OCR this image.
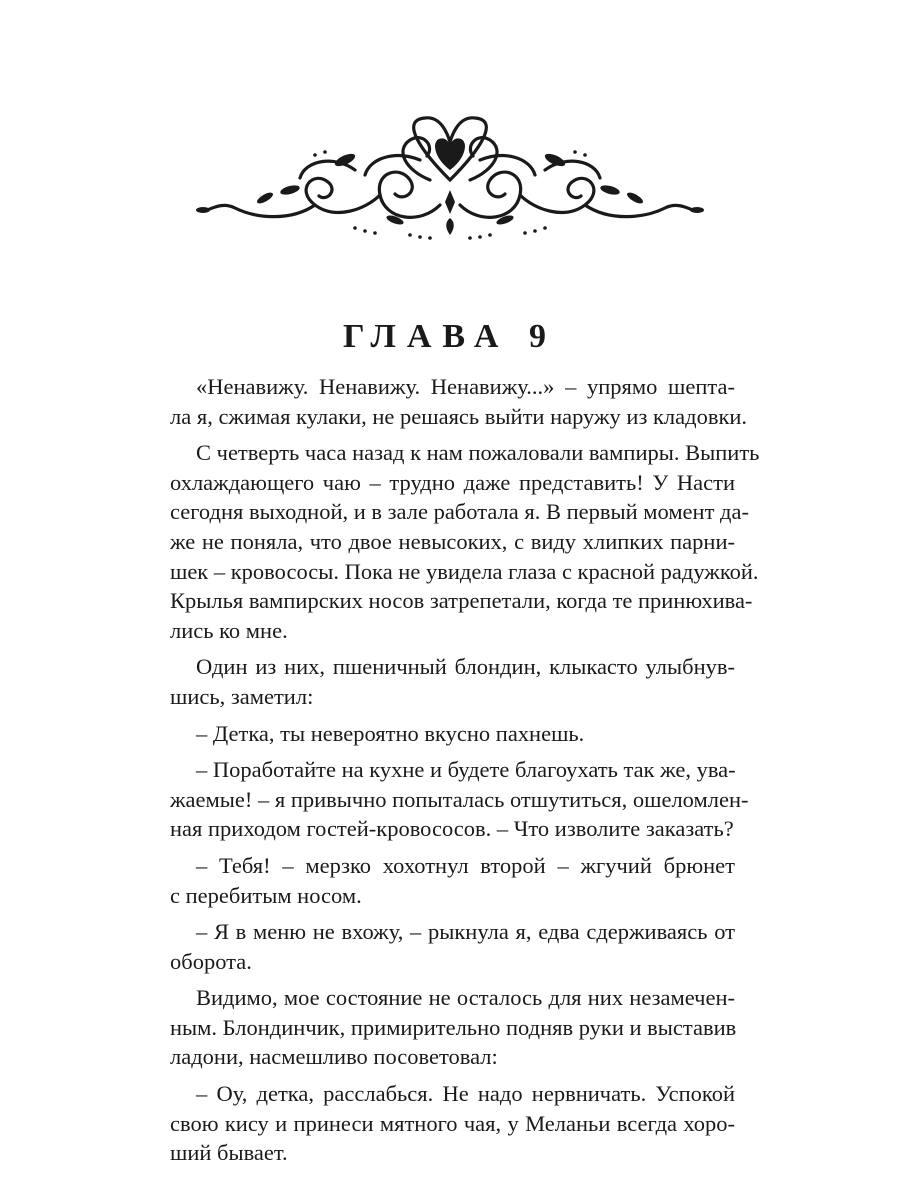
ГЛАВА 9
«Ненавижу. Ненавижу. Ненавижу...» – упрямо шепта-
ла я, сжимая кулаки, не решаясь выйти наружу из кладовки.
С четверть часа назад к нам пожаловали вампиры. Выпить
охлаждающего чаю – трудно даже представить! У Насти
сегодня выходной, и в зале работала я. В первый момент да-
же не поняла, что двое невысоких, с виду хлипких парни-
шек – кровососы. Пока не увидела глаза с красной радужкой.
Крылья вампирских носов затрепетали, когда те принюхива-
лись ко мне.
Один из них, пшеничный блондин, клыкасто улыбнув-
шись, заметил:
– Детка, ты невероятно вкусно пахнешь.
– Поработайте на кухне и будете благоухать так же, ува-
жаемые! – я привычно попыталась отшутиться, ошеломлен-
ная приходом гостей-кровососов. – Что изволите заказать?
– Тебя! – мерзко хохотнул второй – жгучий брюнет
с перебитым носом.
– Я в меню не вхожу, – рыкнула я, едва сдерживаясь от
оборота.
Видимо, мое состояние не осталось для них незамечен-
ным. Блондинчик, примирительно подняв руки и выставив
ладони, насмешливо посоветовал:
– Оу, детка, расслабься. Не надо нервничать. Успокой
свою кису и принеси мятного чая, у Меланьи всегда хоро-
ший бывает.
